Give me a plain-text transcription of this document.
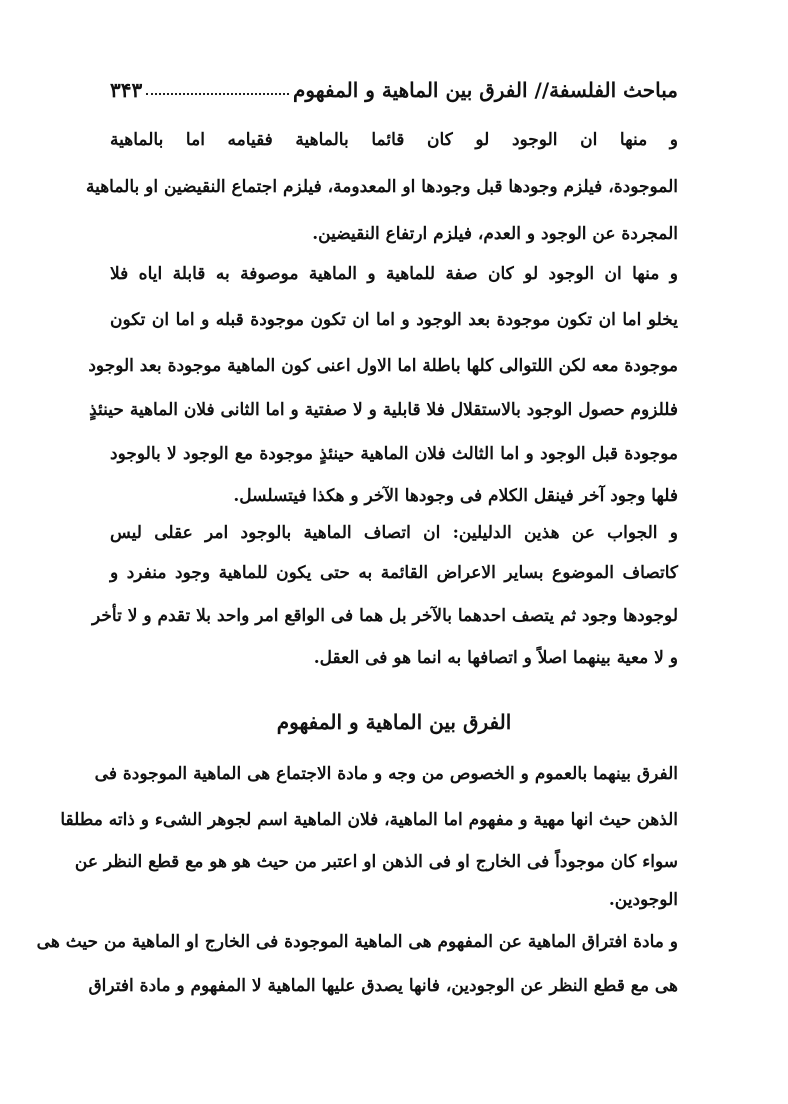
مباحث الفلسفة// الفرق بين الماهية و المفهوم
٣۴٣
و منها ان الوجود لو كان قائما بالماهية فقيامه اما بالماهية
الموجودة، فيلزم وجودها قبل وجودها او المعدومة، فيلزم اجتماع النقيضين او بالماهية
المجردة عن الوجود و العدم، فيلزم ارتفاع النقيضين.
و منها ان الوجود لو كان صفة للماهية و الماهية موصوفة به قابلة اياه فلا
يخلو اما ان تكون موجودة بعد الوجود و اما ان تكون موجودة قبله و اما ان تكون
موجودة معه لكن اللتوالى كلها باطلة اما الاول اعنى كون الماهية موجودة بعد الوجود
فللزوم حصول الوجود بالاستقلال فلا قابلية و لا صفتية و اما الثانى فلان الماهية حينئذٍ
موجودة قبل الوجود و اما الثالث فلان الماهية حينئذٍ موجودة مع الوجود لا بالوجود
فلها وجود آخر فينقل الكلام فى وجودها الآخر و هكذا فيتسلسل.
و الجواب عن هذين الدليلين: ان اتصاف الماهية بالوجود امر عقلى ليس
كاتصاف الموضوع بساير الاعراض القائمة به حتى يكون للماهية وجود منفرد و
لوجودها وجود ثم يتصف احدهما بالآخر بل هما فى الواقع امر واحد بلا تقدم و لا تأخر
و لا معية بينهما اصلاً و اتصافها به انما هو فى العقل.
الفرق بين الماهية و المفهوم
الفرق بينهما بالعموم و الخصوص من وجه و مادة الاجتماع هى الماهية الموجودة فى
الذهن حيث انها مهية و مفهوم اما الماهية، فلان الماهية اسم لجوهر الشىء و ذاته مطلقا
سواء كان موجوداً فى الخارج او فى الذهن او اعتبر من حيث هو هو مع قطع النظر عن
الوجودين.
و مادة افتراق الماهية عن المفهوم هى الماهية الموجودة فى الخارج او الماهية من حيث هى
هى مع قطع النظر عن الوجودين، فانها يصدق عليها الماهية لا المفهوم و مادة افتراق
